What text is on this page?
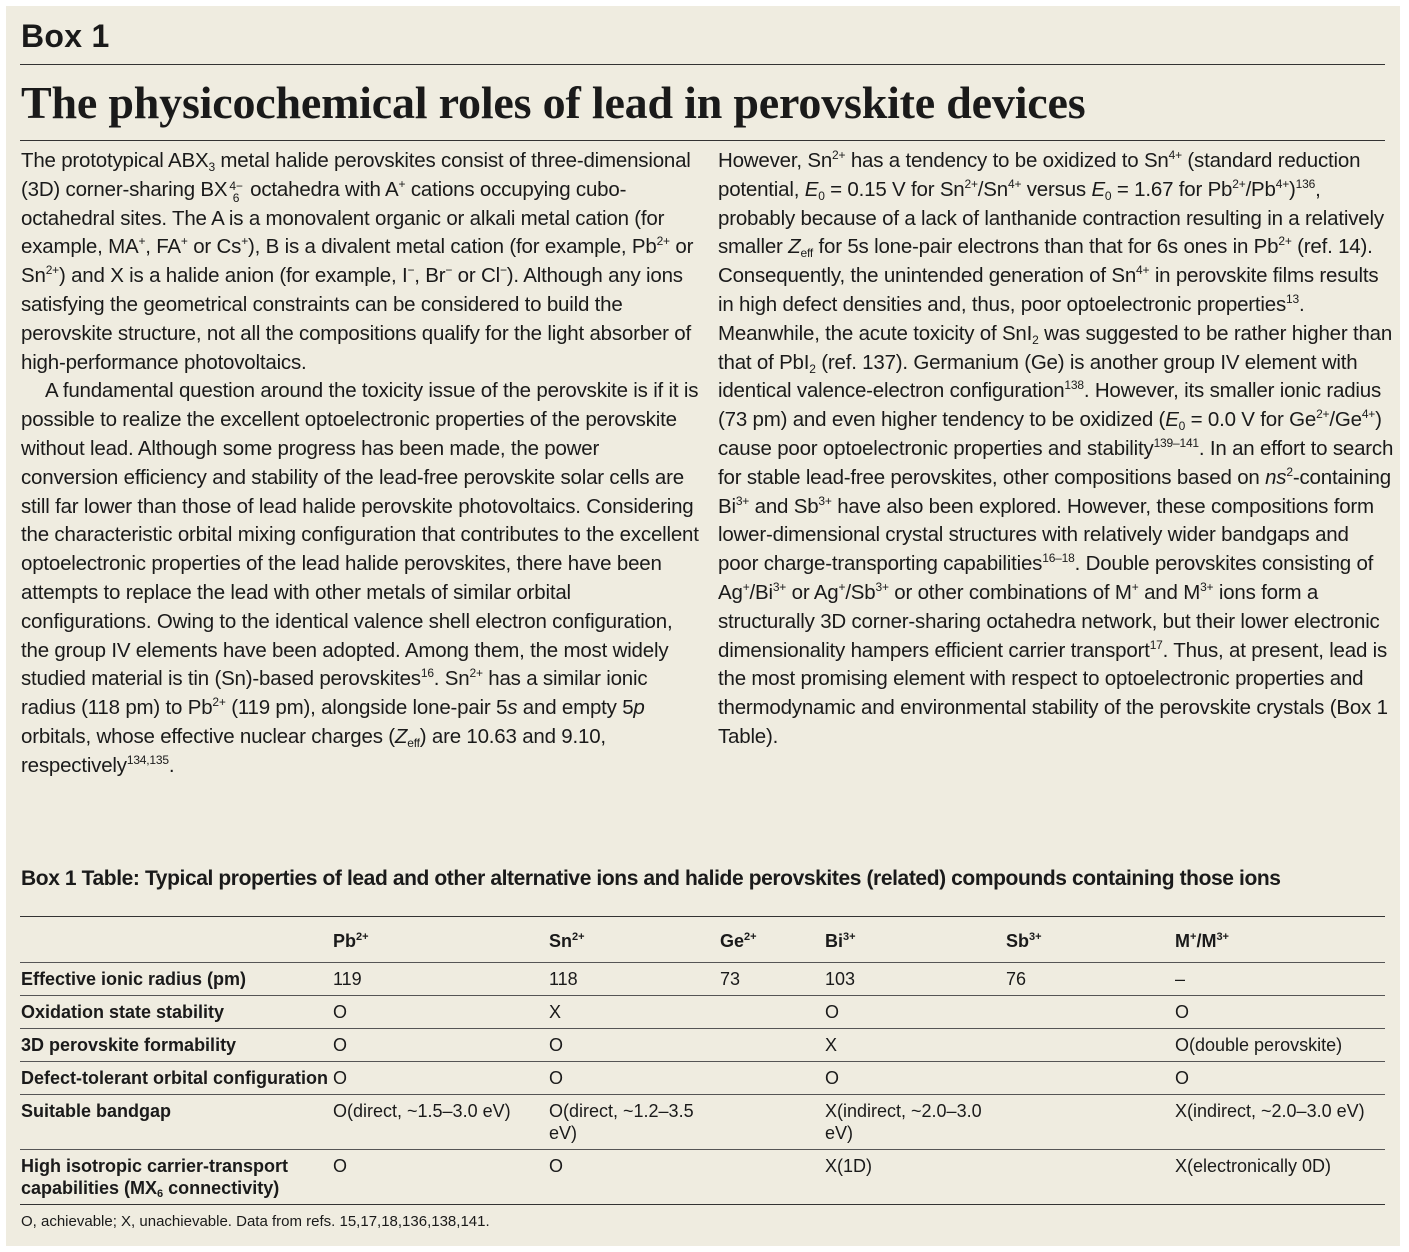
Box 1
The physicochemical roles of lead in perovskite devices

The prototypical $ABX_3$ metal halide perovskites consist of three-dimensional (3D) corner-sharing BX 4−
6 octahedra with A+ cations occupying cubo-octahedral sites. The A is a monovalent organic or alkali metal cation (for example, MA+, FA+ or Cs+), B is a divalent metal cation (for example, $Pb^{2+}$ or $Sn^{2+}$) and X is a halide anion (for example, I−, Br− or Cl−). Although any ions satisfying the geometrical constraints can be considered to build the perovskite structure, not all the compositions qualify for the light absorber of high-performance photovoltaics.

A fundamental question around the toxicity issue of the perovskite is if it is possible to realize the excellent optoelectronic properties of the perovskite without lead. Although some progress has been made, the power conversion efficiency and stability of the lead-free perovskite solar cells are still far lower than those of lead halide perovskite photovoltaics. Considering the characteristic orbital mixing configuration that contributes to the excellent optoelectronic properties of the lead halide perovskites, there have been attempts to replace the lead with other metals of similar orbital configurations. Owing to the identical valence shell electron configuration, the group IV elements have been adopted. Among them, the most widely studied material is tin (Sn)-based perovskites$^{16}$. $Sn^{2+}$ has a similar ionic radius (118 pm) to $Pb^{2+}$ (119 pm), alongside lone-pair 5s and empty 5p orbitals, whose effective nuclear charges $(Z_{eff})$ are 10.63 and 9.10, respectively$^{134,135}$.

However, $Sn^{2+}$ has a tendency to be oxidized to $Sn^{4+}$ (standard reduction potential, $E_0 = 0.15$ V for $Sn^{2+}/Sn^{4+}$ versus $E_0 = 1.67$ for $Pb^{2+}/Pb^{4+})^{136}$, probably because of a lack of lanthanide contraction resulting in a relatively smaller $Z_{eff}$ for 5s lone-pair electrons than that for 6s ones in $Pb^{2+}$ (ref. 14). Consequently, the unintended generation of $Sn^{4+}$ in perovskite films results in high defect densities and, thus, poor optoelectronic properties$^{13}$. Meanwhile, the acute toxicity of SnI$_2$ was suggested to be rather higher than that of PbI$_2$ (ref. 137). Germanium (Ge) is another group IV element with identical valence-electron configuration$^{138}$. However, its smaller ionic radius (73 pm) and even higher tendency to be oxidized ($E_0 = 0.0$ V for $Ge^{2+}/Ge^{4+}$) cause poor optoelectronic properties and stability$^{139-141}$. In an effort to search for stable lead-free perovskites, other compositions based on $ns^2$-containing $Bi^{3+}$ and $Sb^{3+}$ have also been explored. However, these compositions form lower-dimensional crystal structures with relatively wider bandgaps and poor charge-transporting capabilities$^{16-18}$. Double perovskites consisting of $Ag^+/Bi^{3+}$ or $Ag^+/Sb^{3+}$ or other combinations of M+ and $M^{3+}$ ions form a structurally 3D corner-sharing octahedra network, but their lower electronic dimensionality hampers efficient carrier transport$^{17}$. Thus, at present, lead is the most promising element with respect to optoelectronic properties and thermodynamic and environmental stability of the perovskite crystals (Box 1 Table).

Box 1 Table: Typical properties of lead and other alternative ions and halide perovskites (related) compounds containing those ions
	$Pb^{2+}$	$Sn^{2+}$	$Ge^{2+}$	$Bi^{3+}$	$Sb^{3+}$	$M^+/M^{3+}$
Effective ionic radius (pm)	119	118	73	103	76	–
Oxidation state stability	O	X		O		O
3D perovskite formability	O	O		X		O(double perovskite)
Defect-tolerant orbital configuration	O	O		O		O
Suitable bandgap	O(direct, ~1.5–3.0 eV)	O(direct, ~1.2–3.5 eV)		X(indirect, ~2.0–3.0 eV)		X(indirect, ~2.0–3.0 eV)
High isotropic carrier-transport capabilities (MX6 connectivity)	O	O		X(1D)		X(electronically 0D)
O, achievable; X, unachievable. Data from refs. 15,17,18,136,138,141.
